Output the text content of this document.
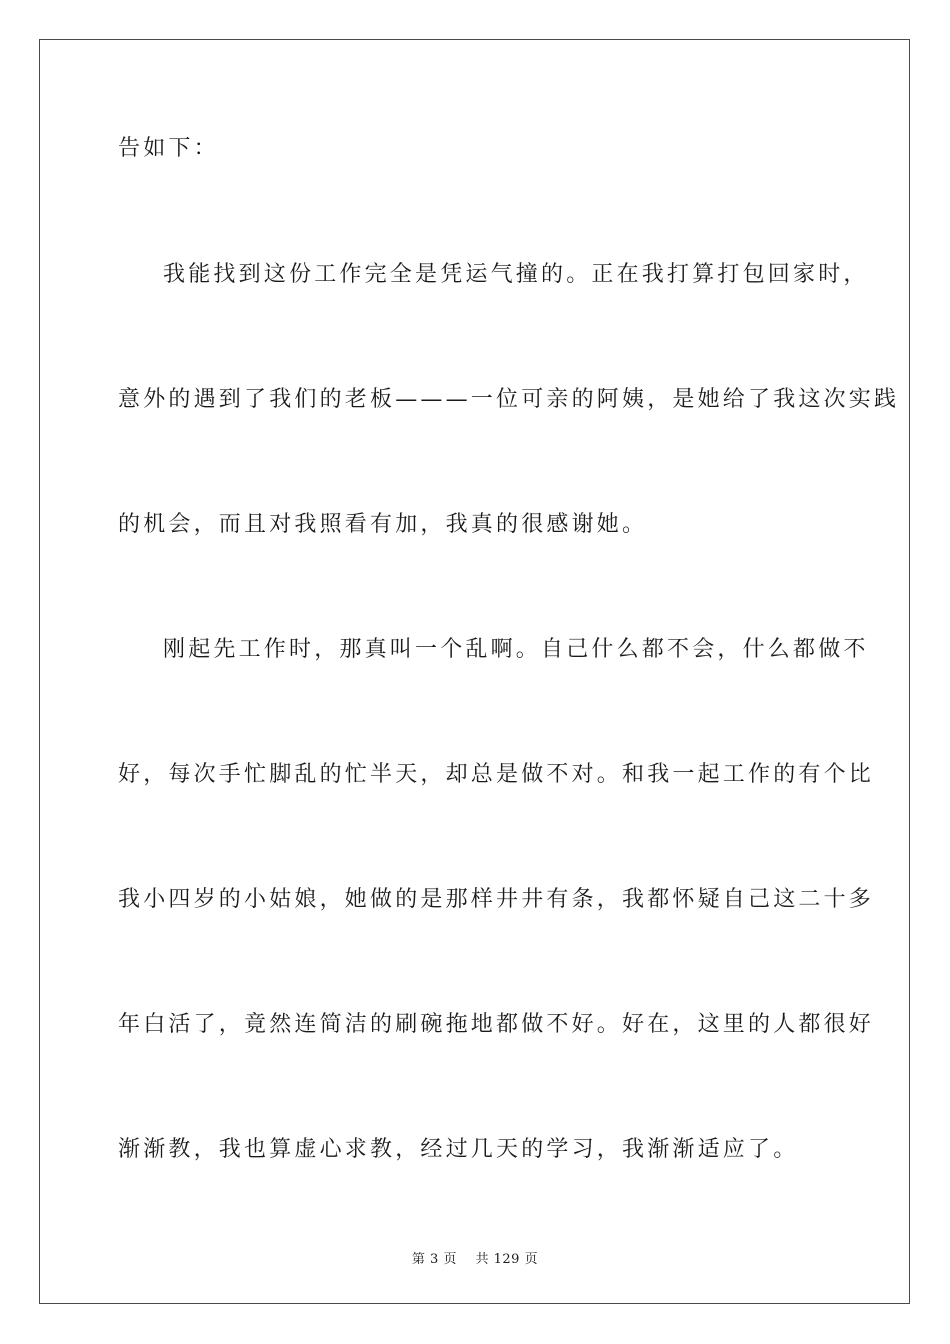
告如下：
我能找到这份工作完全是凭运气撞的。正在我打算打包回家时，
意外的遇到了我们的老板———一位可亲的阿姨，是她给了我这次实践
的机会，而且对我照看有加，我真的很感谢她。
刚起先工作时，那真叫一个乱啊。自己什么都不会，什么都做不
好，每次手忙脚乱的忙半天，却总是做不对。和我一起工作的有个比
我小四岁的小姑娘，她做的是那样井井有条，我都怀疑自己这二十多
年白活了，竟然连简洁的刷碗拖地都做不好。好在，这里的人都很好
渐渐教，我也算虚心求教，经过几天的学习，我渐渐适应了。
第 3 页    共 129 页
